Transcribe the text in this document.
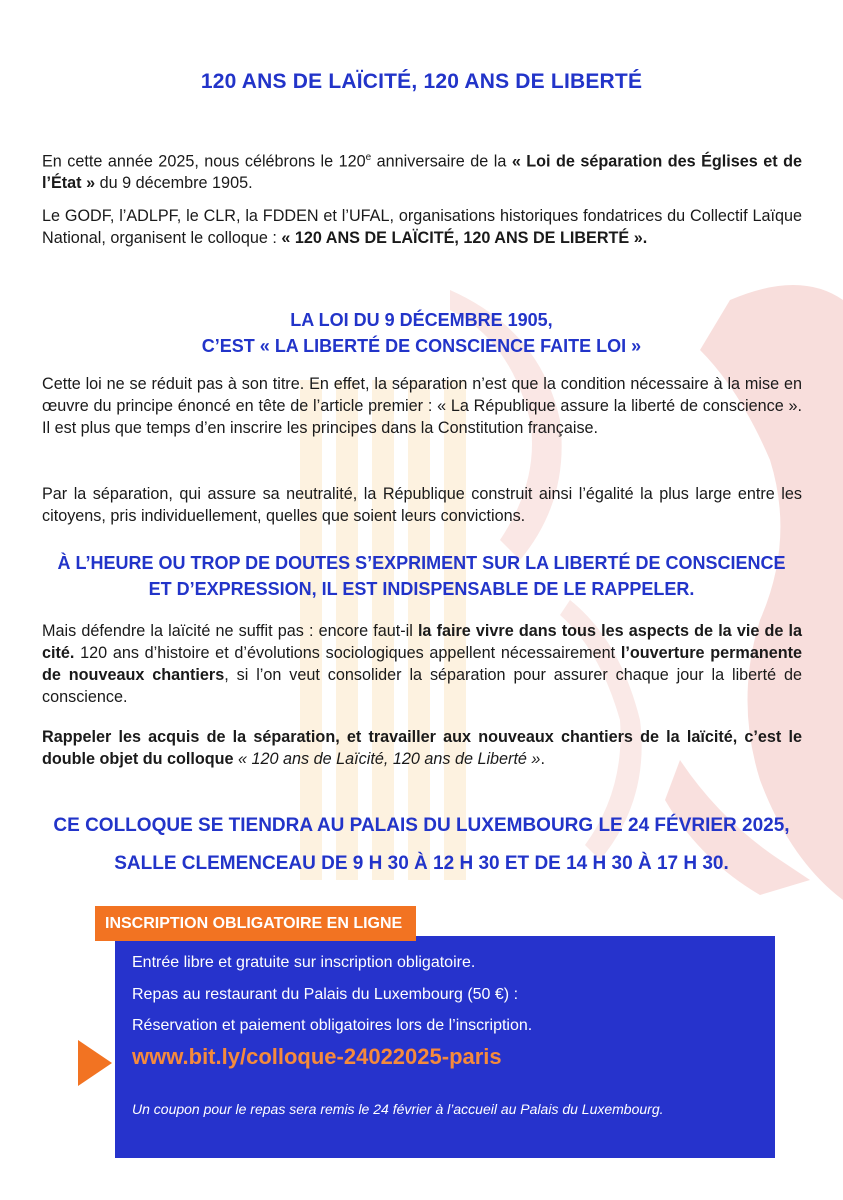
120 ANS DE LAÏCITÉ, 120 ANS DE LIBERTÉ

En cette année 2025, nous célébrons le 120e anniversaire de la « Loi de séparation des Églises et de l’État » du 9 décembre 1905.

Le GODF, l’ADLPF, le CLR, la FDDEN et l’UFAL, organisations historiques fondatrices du Collectif Laïque National, organisent le colloque : « 120 ANS DE LAÏCITÉ, 120 ANS DE LIBERTÉ ».

LA LOI DU 9 DÉCEMBRE 1905,
C’EST « LA LIBERTÉ DE CONSCIENCE FAITE LOI »

Cette loi ne se réduit pas à son titre. En effet, la séparation n’est que la condition nécessaire à la mise en œuvre du principe énoncé en tête de l’article premier : « La République assure la liberté de conscience ». Il est plus que temps d’en inscrire les principes dans la Constitution française.

Par la séparation, qui assure sa neutralité, la République construit ainsi l’égalité la plus large entre les citoyens, pris individuellement, quelles que soient leurs convictions.

À L’HEURE OU TROP DE DOUTES S’EXPRIMENT SUR LA LIBERTÉ DE CONSCIENCE
ET D’EXPRESSION, IL EST INDISPENSABLE DE LE RAPPELER.

Mais défendre la laïcité ne suffit pas : encore faut-il la faire vivre dans tous les aspects de la vie de la cité. 120 ans d’histoire et d’évolutions sociologiques appellent nécessairement l’ouverture permanente de nouveaux chantiers, si l’on veut consolider la séparation pour assurer chaque jour la liberté de conscience.

Rappeler les acquis de la séparation, et travailler aux nouveaux chantiers de la laïcité, c’est le double objet du colloque « 120 ans de Laïcité, 120 ans de Liberté ».

CE COLLOQUE SE TIENDRA AU PALAIS DU LUXEMBOURG LE 24 FÉVRIER 2025,
SALLE CLEMENCEAU DE 9 H 30 À 12 H 30 ET DE 14 H 30 À 17 H 30.
INSCRIPTION OBLIGATOIRE EN LIGNE
Entrée libre et gratuite sur inscription obligatoire.
Repas au restaurant du Palais du Luxembourg (50 €) :
Réservation et paiement obligatoires lors de l’inscription.
www.bit.ly/colloque-24022025-paris
Un coupon pour le repas sera remis le 24 février à l’accueil au Palais du Luxembourg.
